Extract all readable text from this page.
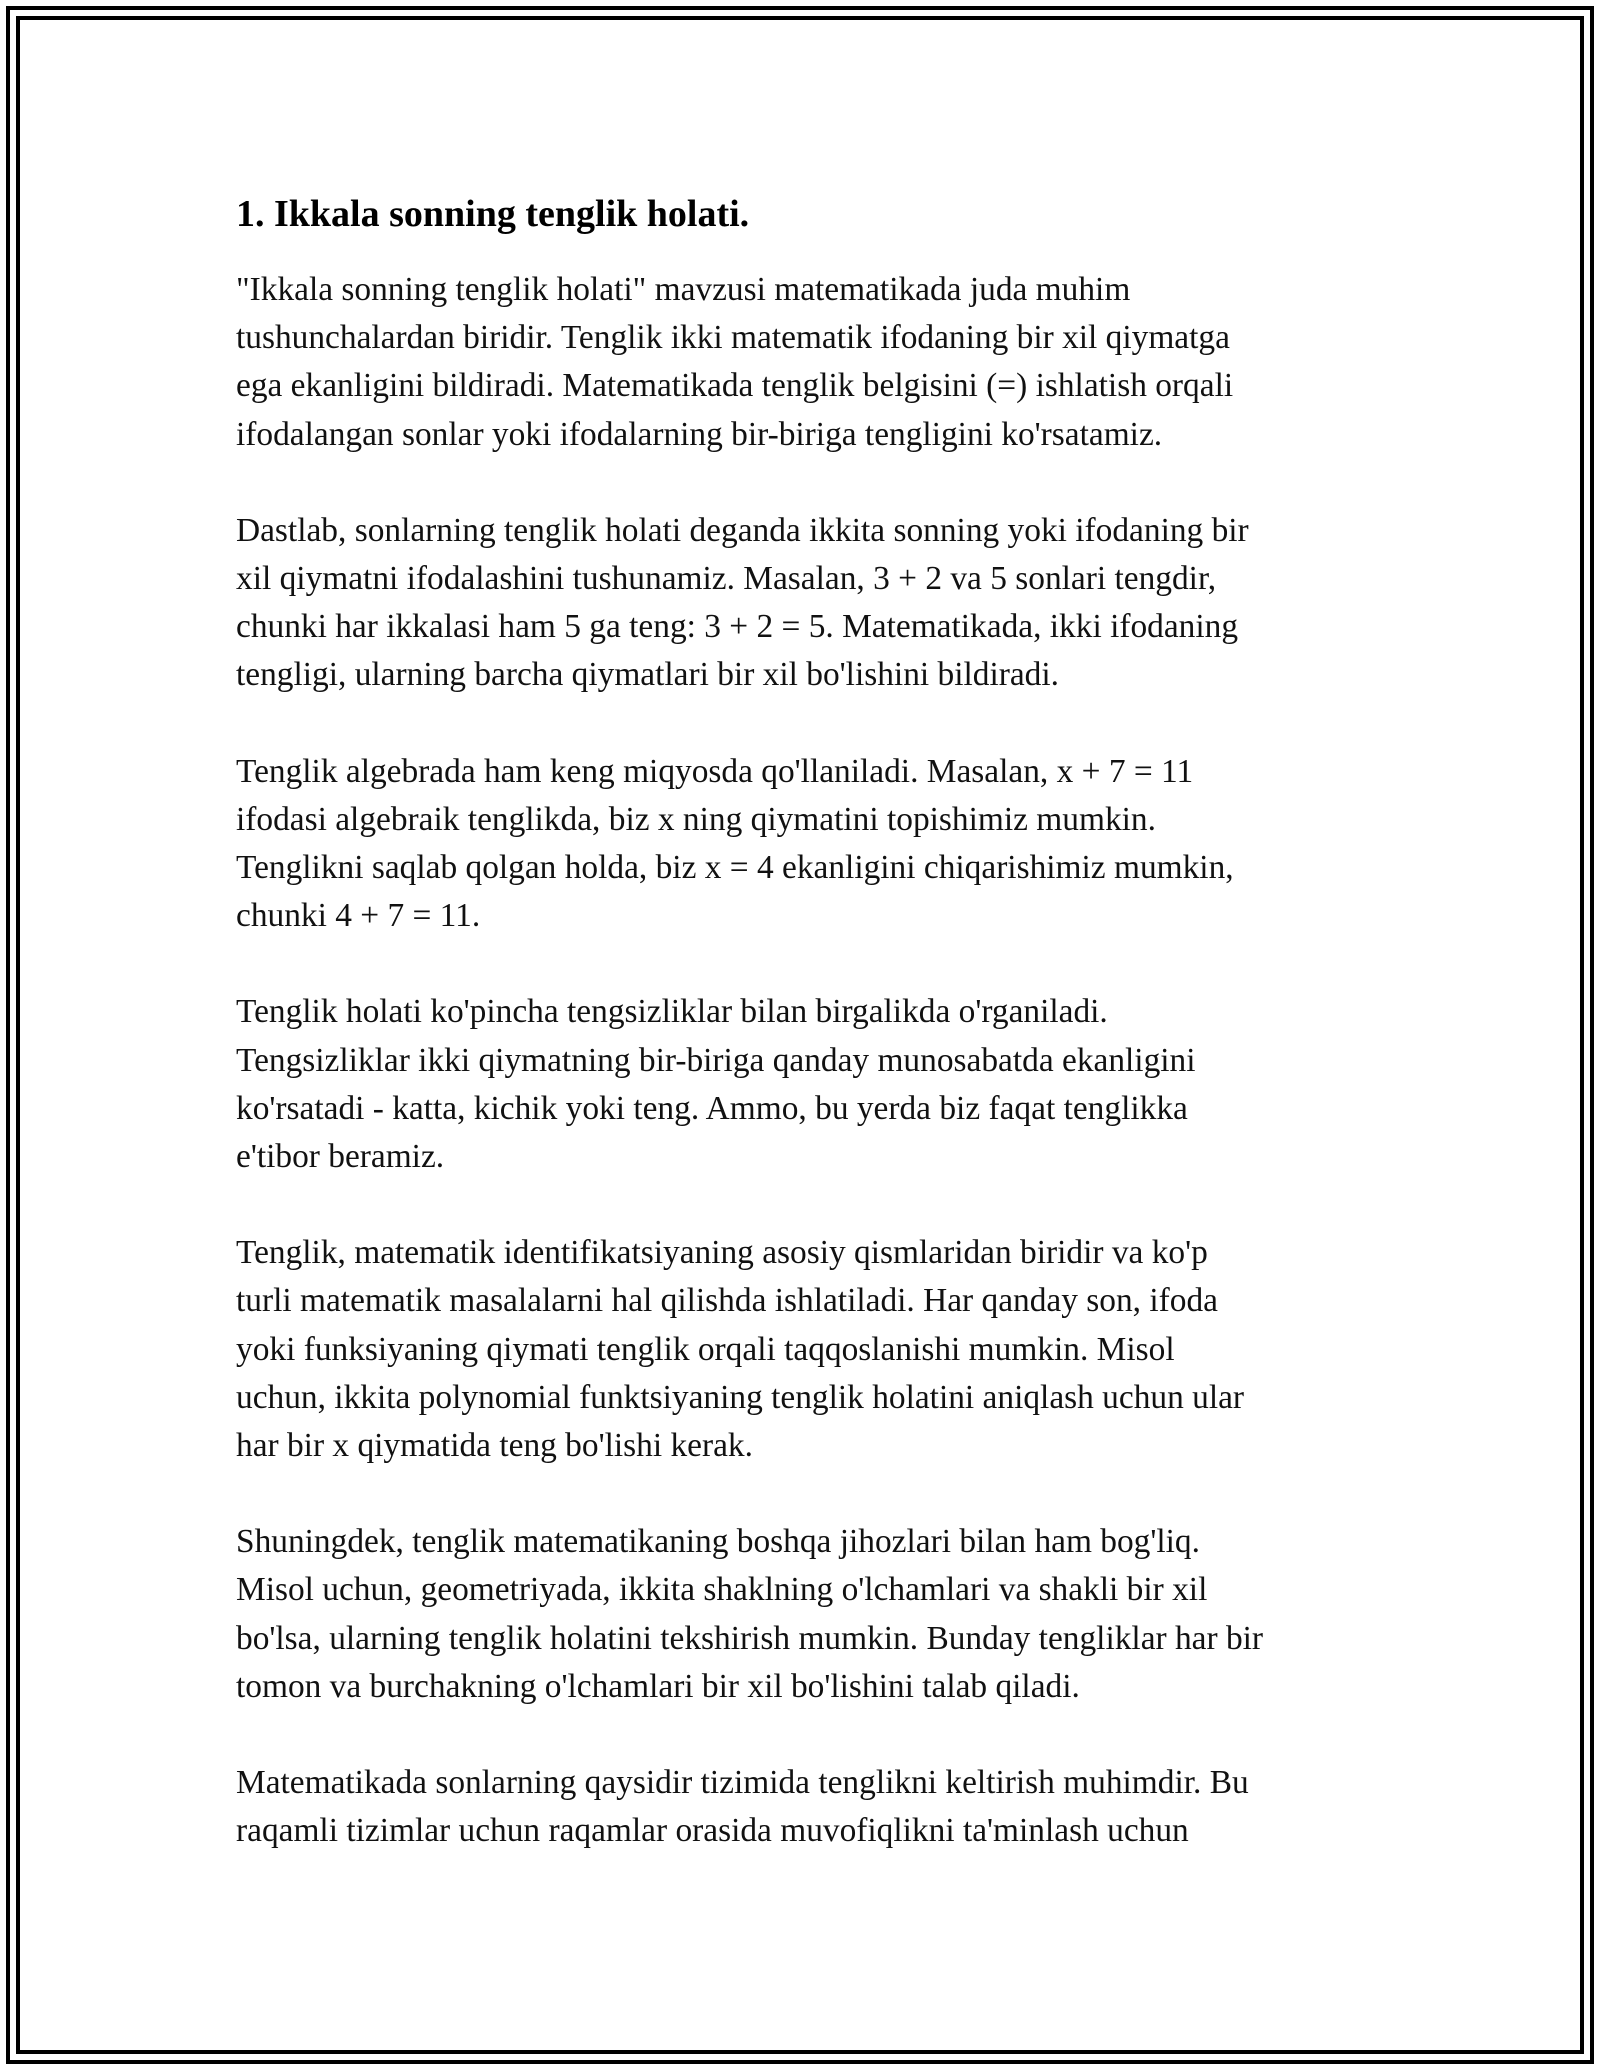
1. Ikkala sonning tenglik holati.

"Ikkala sonning tenglik holati" mavzusi matematikada juda muhim
tushunchalardan biridir. Tenglik ikki matematik ifodaning bir xil qiymatga
ega ekanligini bildiradi. Matematikada tenglik belgisini (=) ishlatish orqali
ifodalangan sonlar yoki ifodalarning bir-biriga tengligini ko'rsatamiz.

Dastlab, sonlarning tenglik holati deganda ikkita sonning yoki ifodaning bir
xil qiymatni ifodalashini tushunamiz. Masalan, 3 + 2 va 5 sonlari tengdir,
chunki har ikkalasi ham 5 ga teng: 3 + 2 = 5. Matematikada, ikki ifodaning
tengligi, ularning barcha qiymatlari bir xil bo'lishini bildiradi.

Tenglik algebrada ham keng miqyosda qo'llaniladi. Masalan, x + 7 = 11
ifodasi algebraik tenglikda, biz x ning qiymatini topishimiz mumkin.
Tenglikni saqlab qolgan holda, biz x = 4 ekanligini chiqarishimiz mumkin,
chunki 4 + 7 = 11.

Tenglik holati ko'pincha tengsizliklar bilan birgalikda o'rganiladi.
Tengsizliklar ikki qiymatning bir-biriga qanday munosabatda ekanligini
ko'rsatadi - katta, kichik yoki teng. Ammo, bu yerda biz faqat tenglikka
e'tibor beramiz.

Tenglik, matematik identifikatsiyaning asosiy qismlaridan biridir va ko'p
turli matematik masalalarni hal qilishda ishlatiladi. Har qanday son, ifoda
yoki funksiyaning qiymati tenglik orqali taqqoslanishi mumkin. Misol
uchun, ikkita polynomial funktsiyaning tenglik holatini aniqlash uchun ular
har bir x qiymatida teng bo'lishi kerak.

Shuningdek, tenglik matematikaning boshqa jihozlari bilan ham bog'liq.
Misol uchun, geometriyada, ikkita shaklning o'lchamlari va shakli bir xil
bo'lsa, ularning tenglik holatini tekshirish mumkin. Bunday tengliklar har bir
tomon va burchakning o'lchamlari bir xil bo'lishini talab qiladi.

Matematikada sonlarning qaysidir tizimida tenglikni keltirish muhimdir. Bu
raqamli tizimlar uchun raqamlar orasida muvofiqlikni ta'minlash uchun
